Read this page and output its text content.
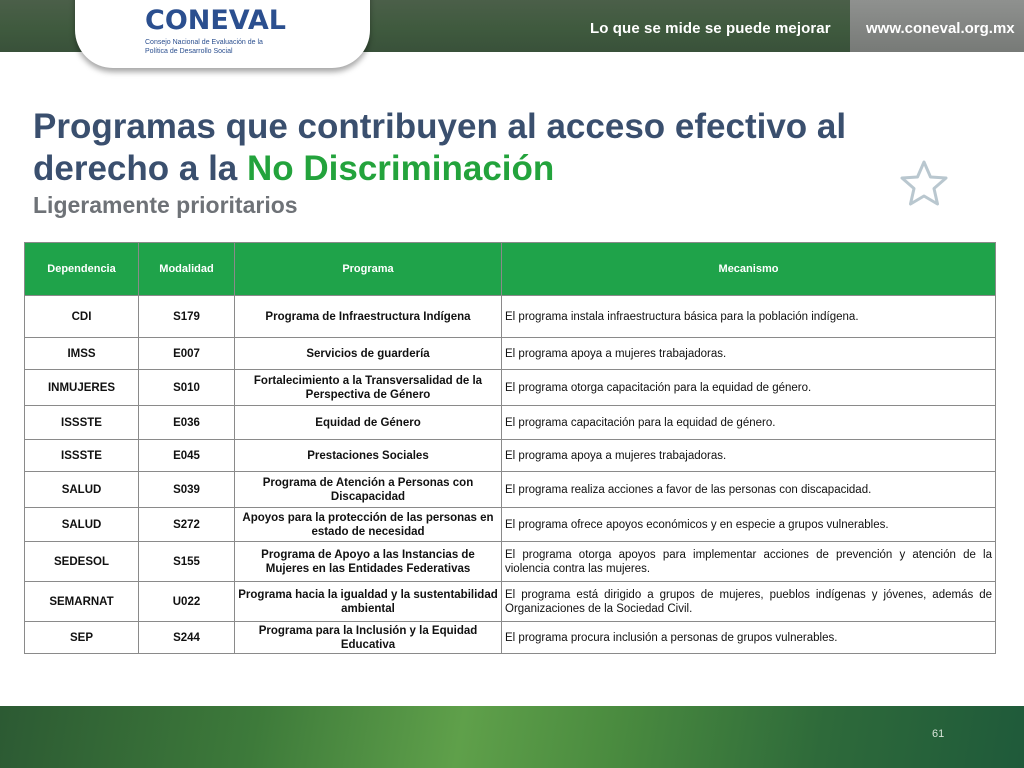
CONEVAL
Consejo Nacional de Evaluación de la Política de Desarrollo Social
Lo que se mide se puede mejorar www.coneval.org.mx
Programas que contribuyen al acceso efectivo al
derecho a la No Discriminación
Ligeramente prioritarios
Dependencia	Modalidad	Programa	Mecanismo
CDI	S179	Programa de Infraestructura Indígena	El programa instala infraestructura básica para la población indígena.
IMSS	E007	Servicios de guardería	El programa apoya a mujeres trabajadoras.
INMUJERES	S010	Fortalecimiento a la Transversalidad de la Perspectiva de Género	El programa otorga capacitación para la equidad de género.
ISSSTE	E036	Equidad de Género	El programa capacitación para la equidad de género.
ISSSTE	E045	Prestaciones Sociales	El programa apoya a mujeres trabajadoras.
SALUD	S039	Programa de Atención a Personas con Discapacidad	El programa realiza acciones a favor de las personas con discapacidad.
SALUD	S272	Apoyos para la protección de las personas en estado de necesidad	El programa ofrece apoyos económicos y en especie a grupos vulnerables.
SEDESOL	S155	Programa de Apoyo a las Instancias de Mujeres en las Entidades Federativas	El programa otorga apoyos para implementar acciones de prevención y atención de la violencia contra las mujeres.
SEMARNAT	U022	Programa hacia la igualdad y la sustentabilidad ambiental	El programa está dirigido a grupos de mujeres, pueblos indígenas y jóvenes, además de Organizaciones de la Sociedad Civil.
SEP	S244	Programa para la Inclusión y la Equidad Educativa	El programa procura inclusión a personas de grupos vulnerables.
61
